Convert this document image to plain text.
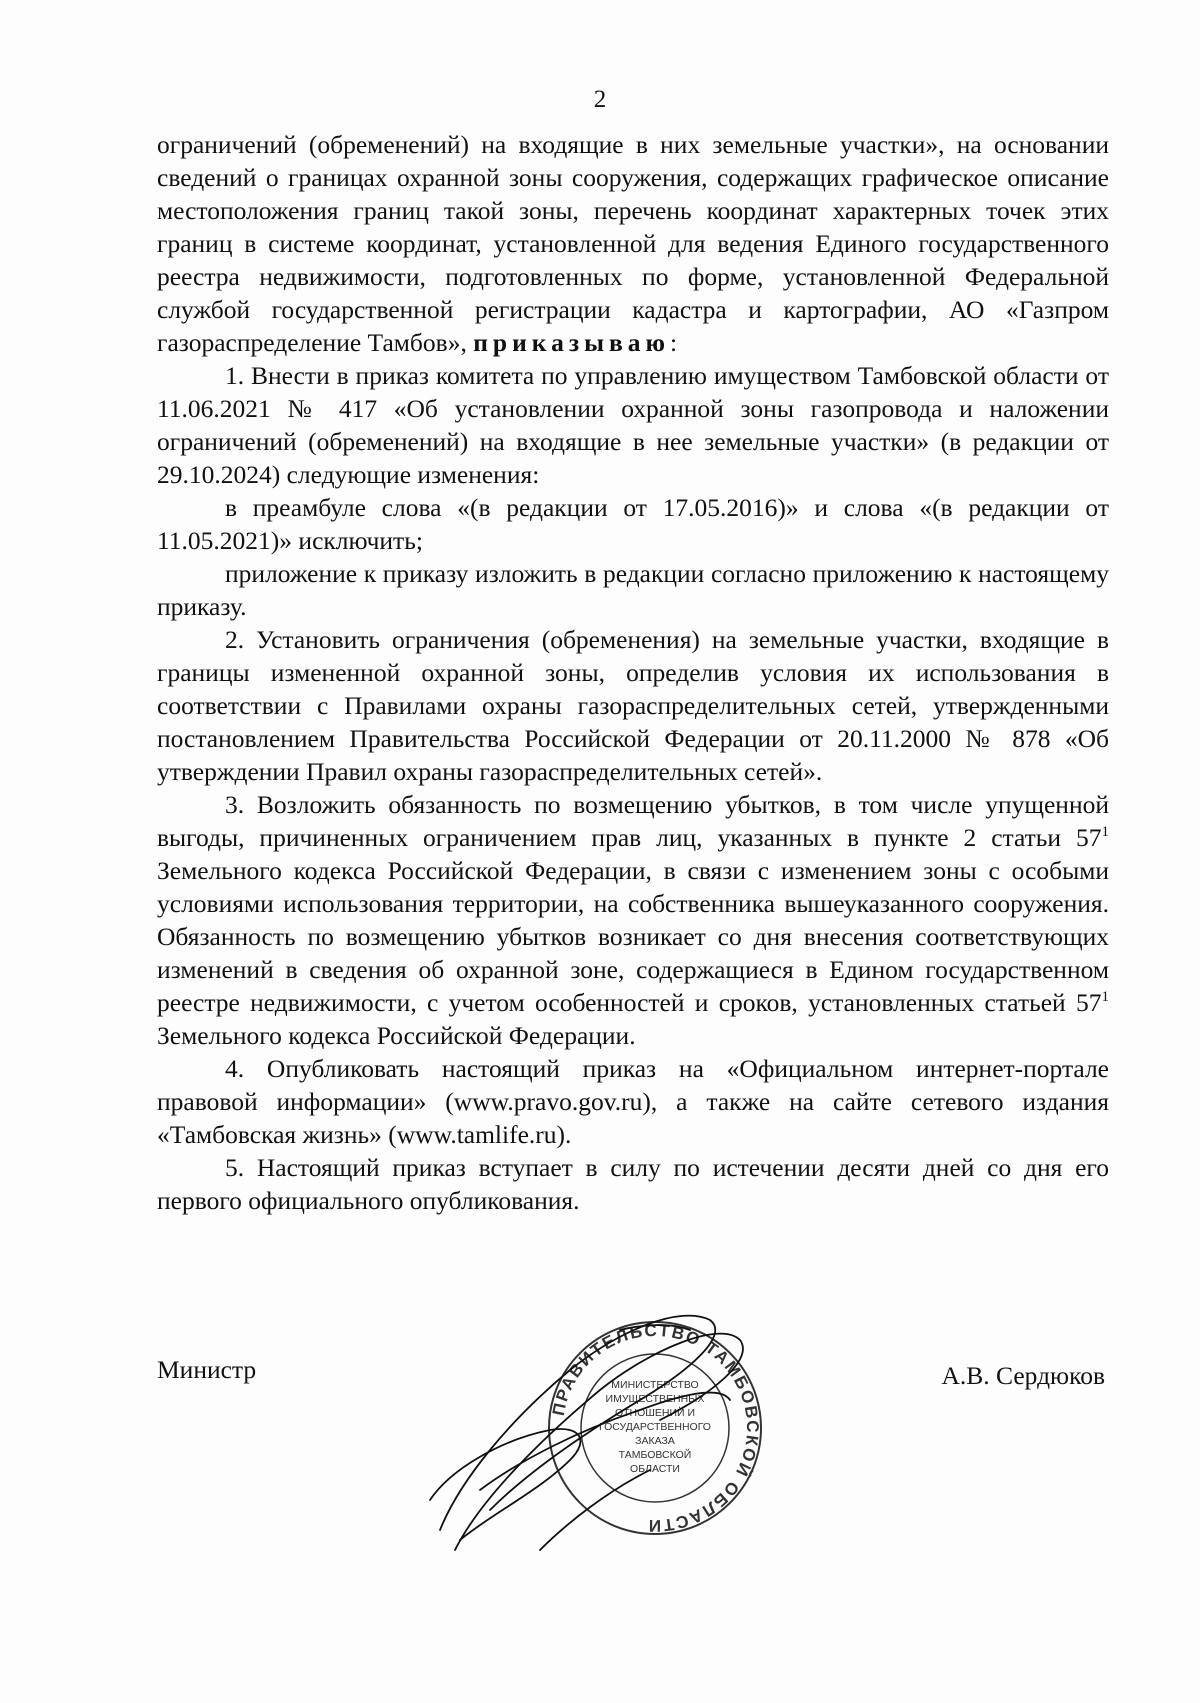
2

ограничений (обременений) на входящие в них земельные участки», на основании сведений о границах охранной зоны сооружения, содержащих графическое описание местоположения границ такой зоны, перечень координат характерных точек этих границ в системе координат, установленной для ведения Единого государственного реестра недвижимости, подготовленных по форме, установленной Федеральной службой государственной регистрации кадастра и картографии, АО «Газпром газораспределение Тамбов», приказываю:

1. Внести в приказ комитета по управлению имуществом Тамбовской области от 11.06.2021 № 417 «Об установлении охранной зоны газопровода и наложении ограничений (обременений) на входящие в нее земельные участки» (в редакции от 29.10.2024) следующие изменения:

в преамбуле слова «(в редакции от 17.05.2016)» и слова «(в редакции от 11.05.2021)» исключить;

приложение к приказу изложить в редакции согласно приложению к настоящему приказу.

2. Установить ограничения (обременения) на земельные участки, входящие в границы измененной охранной зоны, определив условия их использования в соответствии с Правилами охраны газораспределительных сетей, утвержденными постановлением Правительства Российской Федерации от 20.11.2000 № 878 «Об утверждении Правил охраны газораспределительных сетей».

3. Возложить обязанность по возмещению убытков, в том числе упущенной выгоды, причиненных ограничением прав лиц, указанных в пункте 2 статьи $57^1$ Земельного кодекса Российской Федерации, в связи с изменением зоны с особыми условиями использования территории, на собственника вышеуказанного сооружения. Обязанность по возмещению убытков возникает со дня внесения соответствующих изменений в сведения об охранной зоне, содержащиеся в Едином государственном реестре недвижимости, с учетом особенностей и сроков, установленных статьей $57^1$ Земельного кодекса Российской Федерации.

4. Опубликовать настоящий приказ на «Официальном интернет-портале правовой информации» (www.pravo.gov.ru), а также на сайте сетевого издания «Тамбовская жизнь» (www.tamlife.ru).

5. Настоящий приказ вступает в силу по истечении десяти дней со дня его первого официального опубликования.

Министр	А.В. Сердюков
ПРАВИТЕЛЬСТВО ТАМБОВСКОЙ ОБЛАСТИ
МИНИСТЕРСТВО
ИМУЩЕСТВЕННЫХ
ОТНОШЕНИЙ И
ГОСУДАРСТВЕННОГО
ЗАКАЗА
ТАМБОВСКОЙ
ОБЛАСТИ
